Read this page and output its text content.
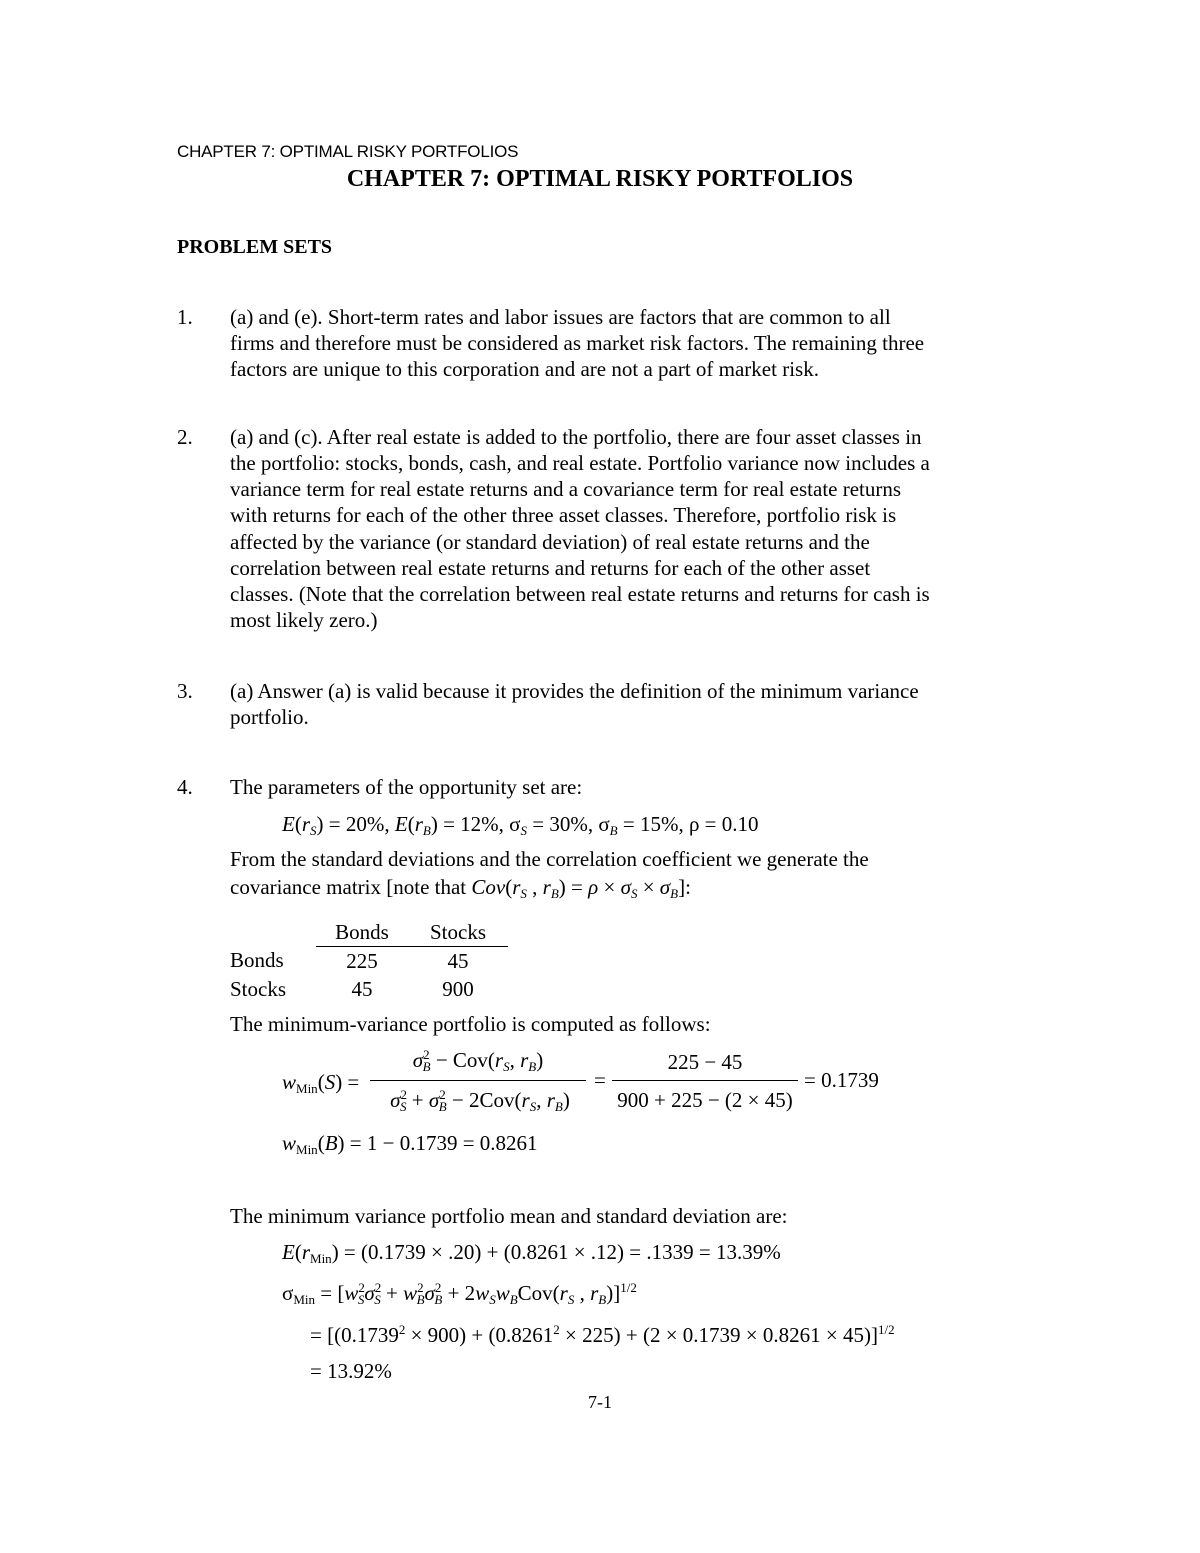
CHAPTER 7: OPTIMAL RISKY PORTFOLIOS
CHAPTER 7: OPTIMAL RISKY PORTFOLIOS
PROBLEM SETS
1.	(a) and (e). Short-term rates and labor issues are factors that are common to all
firms and therefore must be considered as market risk factors. The remaining three
factors are unique to this corporation and are not a part of market risk.
2.	(a) and (c). After real estate is added to the portfolio, there are four asset classes in
the portfolio: stocks, bonds, cash, and real estate. Portfolio variance now includes a
variance term for real estate returns and a covariance term for real estate returns
with returns for each of the other three asset classes. Therefore, portfolio risk is
affected by the variance (or standard deviation) of real estate returns and the
correlation between real estate returns and returns for each of the other asset
classes. (Note that the correlation between real estate returns and returns for cash is
most likely zero.)
3.	(a) Answer (a) is valid because it provides the definition of the minimum variance
portfolio.
4.	The parameters of the opportunity set are:
$E(r_S) = 20\%$, $E(r_B) = 12\%$, $\sigma_S = 30\%$, $\sigma_B = 15\%$, ρ = 0.10
From the standard deviations and the correlation coefficient we generate the
covariance matrix [note that $Cov(r_S$ , $r_B) = \rho \times \sigma_S \times \sigma_B$]:
	Bonds	Stocks
Bonds	225	45
Stocks	45	900
The minimum-variance portfolio is computed as follows:
$w_{Min}(S)$ =
$\sigma^2_B - Cov(r_S$, $r_B$)
$\sigma^2_S + \sigma^2_B - 2Cov(r_S$, $r_B$)
=
225 − 45
900 + 225 − (2 × 45)
= 0.1739
$w_{Min}(B) = 1 - 0.1739 = 0.8261$
The minimum variance portfolio mean and standard deviation are:
$E(r_{Min}) = (0.1739 \times .20) + (0.8261 \times .12) = .1339 = 13.39\%$
$\sigma_{Min} = [w^2_S\sigma^2_S + w^2_B\sigma^2_B + 2w_Sw_BCov(r_S$ , $r_B)]^{1/2}$
= $[(0.1739^2 \times 900) + (0.8261^2 \times 225) + (2 \times 0.1739 \times 0.8261 \times 45)]^{1/2}$
= 13.92%
7-1
